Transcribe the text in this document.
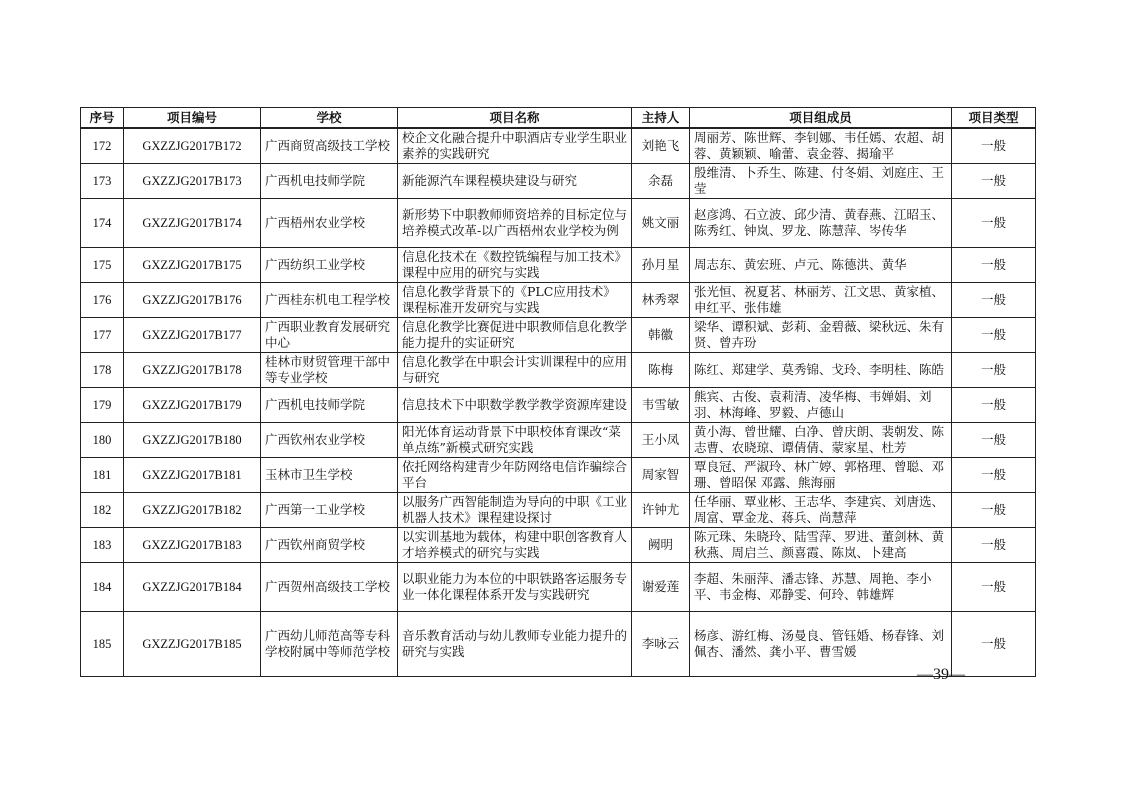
序号	项目编号	学校	项目名称	主持人	项目组成员	项目类型
172	GXZZJG2017B172	广西商贸高级技工学校	校企文化融合提升中职酒店专业学生职业素养的实践研究	刘艳飞	周丽芳、陈世辉、李钊娜、韦任嫣、农超、胡蓉、黄颖颖、喻蕾、袁金蓉、揭瑜平	一般
173	GXZZJG2017B173	广西机电技师学院	新能源汽车课程模块建设与研究	余磊	殷维清、卜乔生、陈建、付冬娟、刘庭庄、王莹	一般
174	GXZZJG2017B174	广西梧州农业学校	新形势下中职教师师资培养的目标定位与培养模式改革-以广西梧州农业学校为例	姚文丽	赵彦鸿、石立波、邱少清、黄春燕、江昭玉、陈秀红、钟岚、罗龙、陈慧萍、岑传华	一般
175	GXZZJG2017B175	广西纺织工业学校	信息化技术在《数控铣编程与加工技术》课程中应用的研究与实践	孙月星	周志东、黄宏班、卢元、陈德洪、黄华	一般
176	GXZZJG2017B176	广西桂东机电工程学校	信息化教学背景下的《PLC应用技术》课程标准开发研究与实践	林秀翠	张光恒、祝夏茗、林丽芳、江文思、黄家植、申红平、张伟雄	一般
177	GXZZJG2017B177	广西职业教育发展研究中心	信息化教学比赛促进中职教师信息化教学能力提升的实证研究	韩徽	梁华、谭积斌、彭莉、金碧薇、梁秋远、朱有贤、曾卉玢	一般
178	GXZZJG2017B178	桂林市财贸管理干部中等专业学校	信息化教学在中职会计实训课程中的应用与研究	陈梅	陈红、郑建学、莫秀锦、戈玲、李明桂、陈皓	一般
179	GXZZJG2017B179	广西机电技师学院	信息技术下中职数学教学教学资源库建设	韦雪敏	熊宾、古俊、袁莉清、凌华梅、韦婵娟、刘羽、林海峰、罗毅、卢德山	一般
180	GXZZJG2017B180	广西钦州农业学校	阳光体育运动背景下中职校体育课改“菜单点练”新模式研究实践	王小凤	黄小海、曾世耀、白净、曾庆朗、裴朝发、陈志曹、农晓琼、谭倩倩、蒙家星、杜芳	一般
181	GXZZJG2017B181	玉林市卫生学校	依托网络构建青少年防网络电信诈骗综合平台	周家智	覃良冠、严淑玲、林广婷、郭格理、曾聪、邓珊、曾昭保 邓露、熊海丽	一般
182	GXZZJG2017B182	广西第一工业学校	以服务广西智能制造为导向的中职《工业机器人技术》课程建设探讨	许钟尤	任华丽、覃业彬、王志华、李建宾、刘唐选、周富、覃金龙、蒋兵、尚慧萍	一般
183	GXZZJG2017B183	广西钦州商贸学校	以实训基地为载体，构建中职创客教育人才培养模式的研究与实践	阙明	陈元珠、朱晓玲、陆雪萍、罗进、董剑林、黄秋燕、周启兰、颜喜霞、陈岚、卜建高	一般
184	GXZZJG2017B184	广西贺州高级技工学校	以职业能力为本位的中职铁路客运服务专业一体化课程体系开发与实践研究	谢爱莲	李超、朱丽萍、潘志锋、苏慧、周艳、李小平、韦金梅、邓静雯、何玲、韩雄辉	一般
185	GXZZJG2017B185	广西幼儿师范高等专科学校附属中等师范学校	音乐教育活动与幼儿教师专业能力提升的研究与实践	李咏云	杨彦、游红梅、汤曼良、管钰婚、杨春锋、刘佩杏、潘然、龚小平、曹雪媛	一般
—39—
